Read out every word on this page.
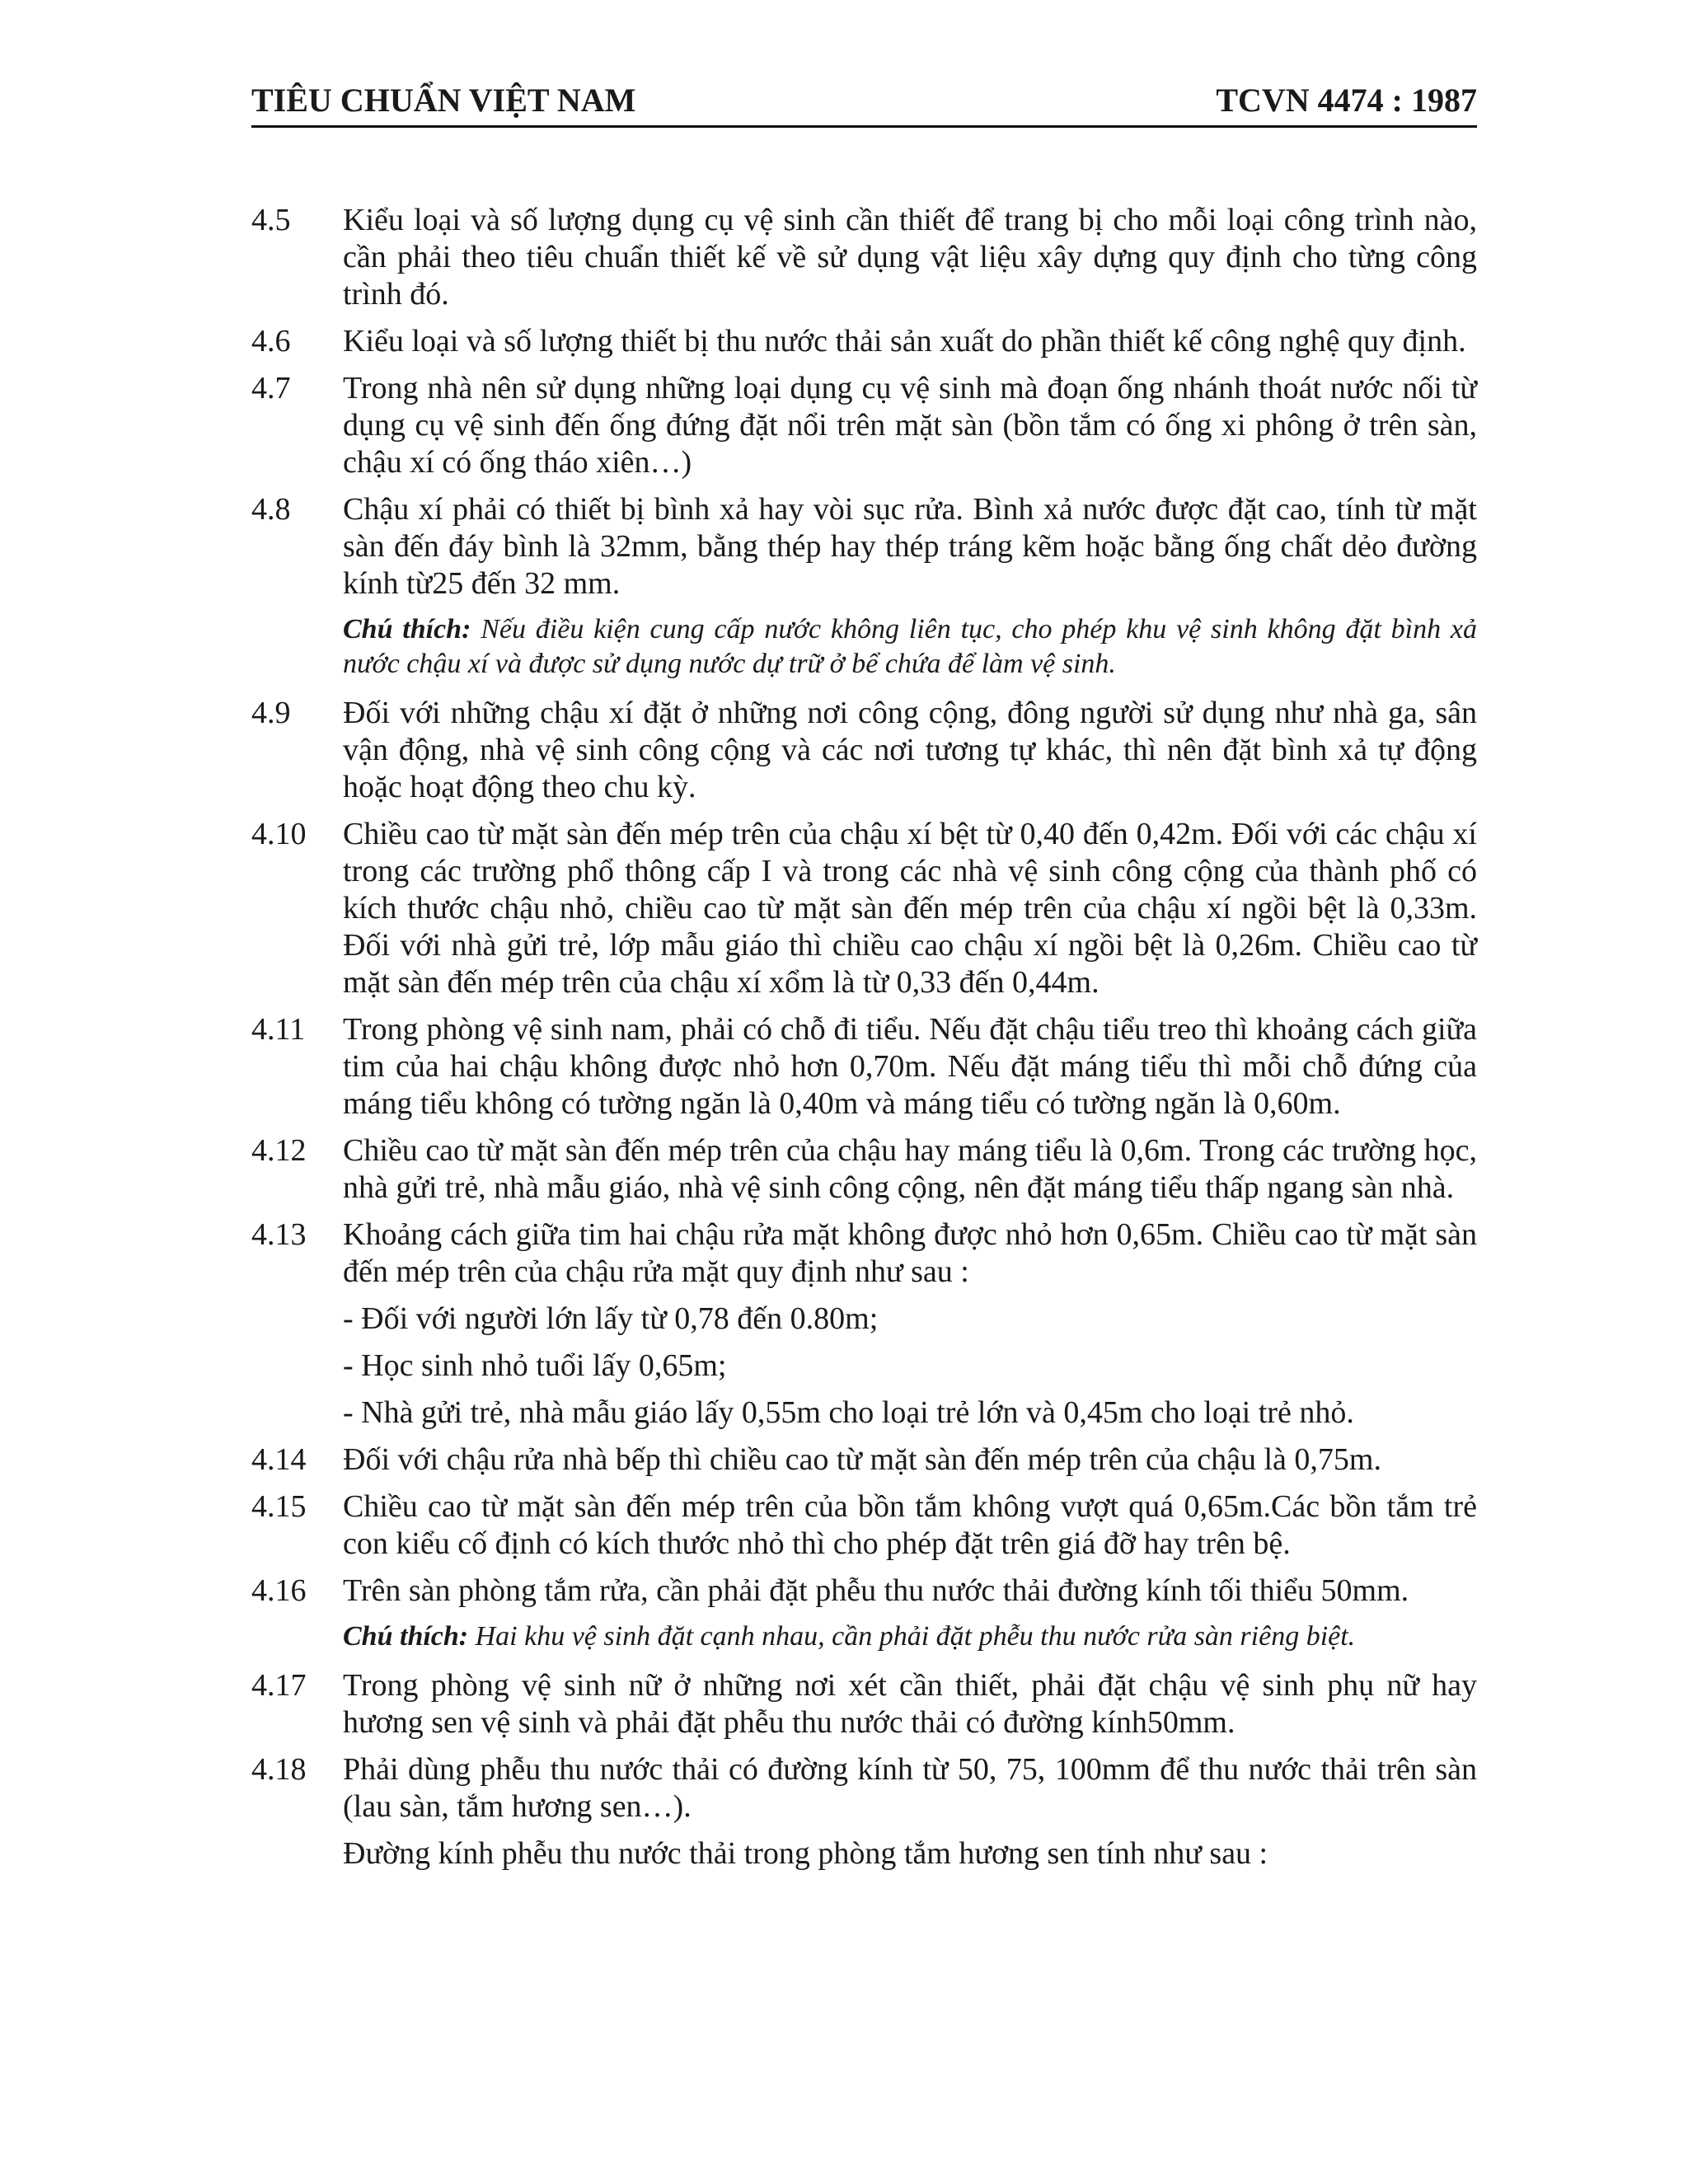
TIÊU CHUẨN VIỆT NAM	TCVN 4474 : 1987
4.5 Kiểu loại và số lượng dụng cụ vệ sinh cần thiết để trang bị cho mỗi loại công trình nào, cần phải theo tiêu chuẩn thiết kế về sử dụng vật liệu xây dựng quy định cho từng công trình đó.
4.6 Kiểu loại và số lượng thiết bị thu nước thải sản xuất do phần thiết kế công nghệ quy định.
4.7 Trong nhà nên sử dụng những loại dụng cụ vệ sinh mà đoạn ống nhánh thoát nước nối từ dụng cụ vệ sinh đến ống đứng đặt nổi trên mặt sàn (bồn tắm có ống xi phông ở trên sàn, chậu xí có ống tháo xiên…)
4.8 Chậu xí phải có thiết bị bình xả hay vòi sục rửa. Bình xả nước được đặt cao, tính từ mặt sàn đến đáy bình là 32mm, bằng thép hay thép tráng kẽm hoặc bằng ống chất dẻo đường kính từ25 đến 32 mm.
Chú thích: Nếu điều kiện cung cấp nước không liên tục, cho phép khu vệ sinh không đặt bình xả nước chậu xí và được sử dụng nước dự trữ ở bể chứa để làm vệ sinh.
4.9 Đối với những chậu xí đặt ở những nơi công cộng, đông người sử dụng như nhà ga, sân vận động, nhà vệ sinh công cộng và các nơi tương tự khác, thì nên đặt bình xả tự động hoặc hoạt động theo chu kỳ.
4.10 Chiều cao từ mặt sàn đến mép trên của chậu xí bệt từ 0,40 đến 0,42m. Đối với các chậu xí trong các trường phổ thông cấp I và trong các nhà vệ sinh công cộng của thành phố có kích thước chậu nhỏ, chiều cao từ mặt sàn đến mép trên của chậu xí ngồi bệt là 0,33m. Đối với nhà gửi trẻ, lớp mẫu giáo thì chiều cao chậu xí ngồi bệt là 0,26m. Chiều cao từ mặt sàn đến mép trên của chậu xí xổm là từ 0,33 đến 0,44m.
4.11 Trong phòng vệ sinh nam, phải có chỗ đi tiểu. Nếu đặt chậu tiểu treo thì khoảng cách giữa tim của hai chậu không được nhỏ hơn 0,70m. Nếu đặt máng tiểu thì mỗi chỗ đứng của máng tiểu không có tường ngăn là 0,40m và máng tiểu có tường ngăn là 0,60m.
4.12 Chiều cao từ mặt sàn đến mép trên của chậu hay máng tiểu là 0,6m. Trong các trường học, nhà gửi trẻ, nhà mẫu giáo, nhà vệ sinh công cộng, nên đặt máng tiểu thấp ngang sàn nhà.
4.13 Khoảng cách giữa tim hai chậu rửa mặt không được nhỏ hơn 0,65m. Chiều cao từ mặt sàn đến mép trên của chậu rửa mặt quy định như sau :
- Đối với người lớn lấy từ 0,78 đến 0.80m;
- Học sinh nhỏ tuổi lấy 0,65m;
- Nhà gửi trẻ, nhà mẫu giáo lấy 0,55m cho loại trẻ lớn và 0,45m cho loại trẻ nhỏ.
4.14 Đối với chậu rửa nhà bếp thì chiều cao từ mặt sàn đến mép trên của chậu là 0,75m.
4.15 Chiều cao từ mặt sàn đến mép trên của bồn tắm không vượt quá 0,65m.Các bồn tắm trẻ con kiểu cố định có kích thước nhỏ thì cho phép đặt trên giá đỡ hay trên bệ.
4.16 Trên sàn phòng tắm rửa, cần phải đặt phễu thu nước thải đường kính tối thiểu 50mm.
Chú thích: Hai khu vệ sinh đặt cạnh nhau, cần phải đặt phễu thu nước rửa sàn riêng biệt.
4.17 Trong phòng vệ sinh nữ ở những nơi xét cần thiết, phải đặt chậu vệ sinh phụ nữ hay hương sen vệ sinh và phải đặt phễu thu nước thải có đường kính50mm.
4.18 Phải dùng phễu thu nước thải có đường kính từ 50, 75, 100mm để thu nước thải trên sàn (lau sàn, tắm hương sen…).
Đường kính phễu thu nước thải trong phòng tắm hương sen tính như sau :
